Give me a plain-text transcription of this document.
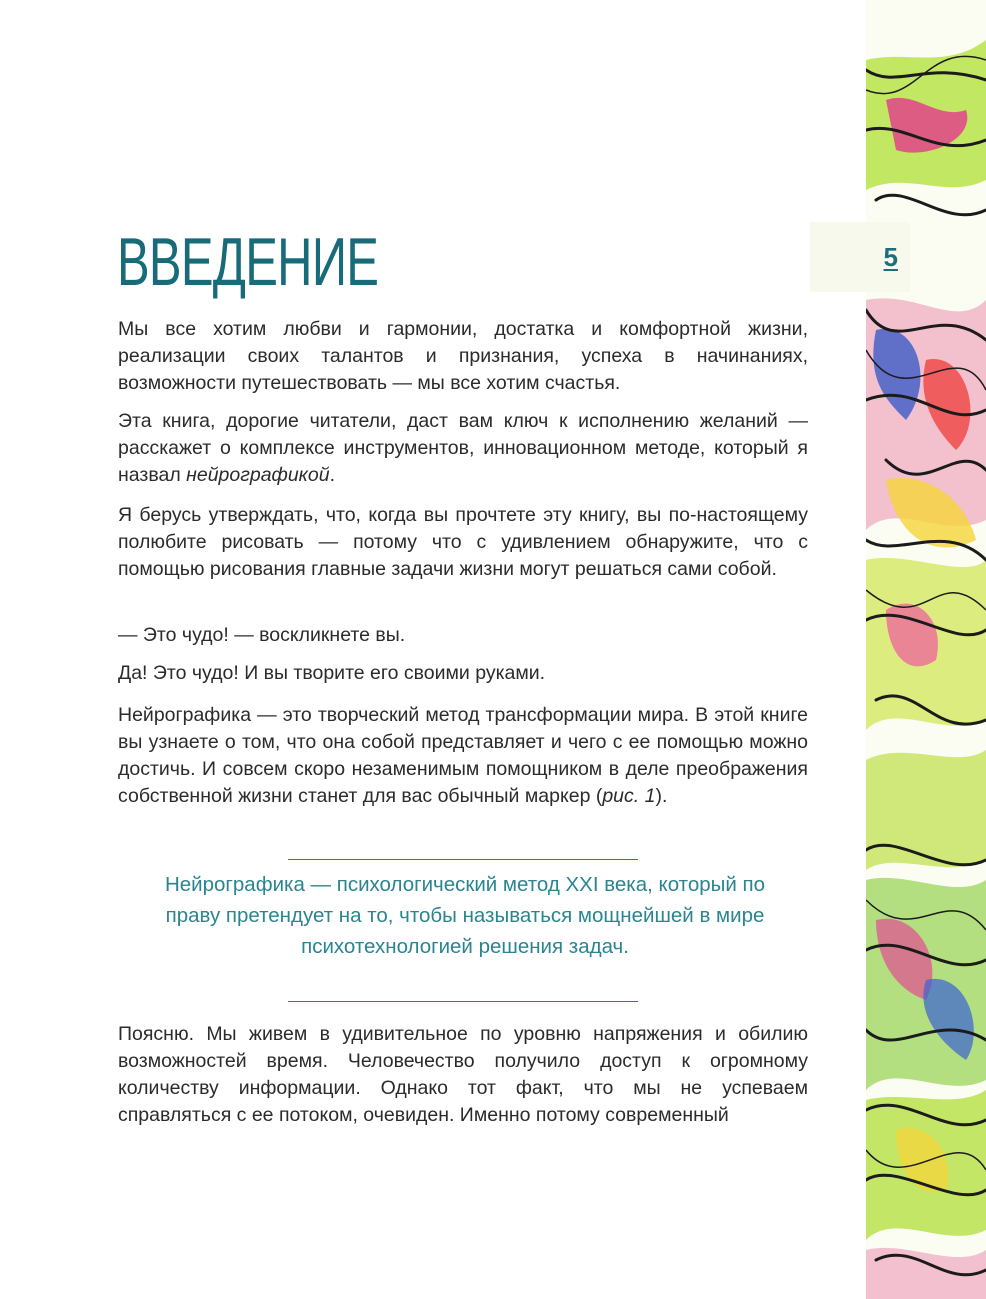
5
ВВЕДЕНИЕ

Мы все хотим любви и гармонии, достатка и комфортной жизни, реализации своих талантов и признания, успеха в начинаниях, возможности путешествовать — мы все хотим счастья.

Эта книга, дорогие читатели, даст вам ключ к исполнению желаний — расскажет о комплексе инструментов, инновационном методе, который я назвал нейрографикой.

Я берусь утверждать, что, когда вы прочтете эту книгу, вы по-настоящему полюбите рисовать — потому что с удивлением обнаружите, что с помощью рисования главные задачи жизни могут решаться сами собой.

— Это чудо! — воскликнете вы.

Да! Это чудо! И вы творите его своими руками.

Нейрографика — это творческий метод трансформации мира. В этой книге вы узнаете о том, что она собой представляет и чего с ее помощью можно достичь. И совсем скоро незаменимым помощником в деле преображения собственной жизни станет для вас обычный маркер (рис. 1).

Нейрографика — психологический метод XXI века, который по праву претендует на то, чтобы называться мощнейшей в мире психотехнологией решения задач.

Поясню. Мы живем в удивительное по уровню напряжения и обилию возможностей время. Человечество получило доступ к огромному количеству информации. Однако тот факт, что мы не успеваем справляться с ее потоком, очевиден. Именно потому современный
